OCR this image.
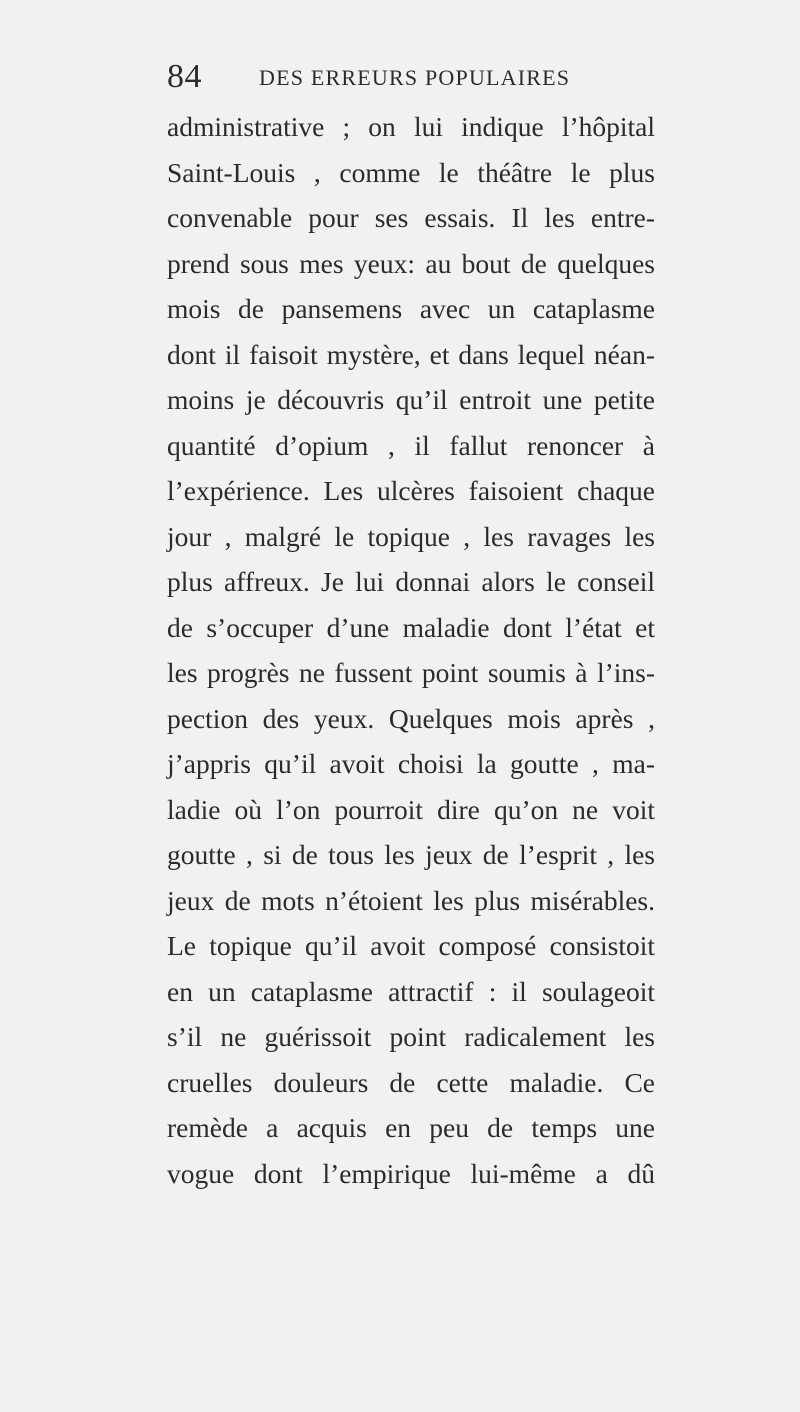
84	DES ERREURS POPULAIRES
administrative ; on lui indique l’hôpital
Saint-Louis , comme le théâtre le plus
convenable pour ses essais. Il les entre-
prend sous mes yeux: au bout de quelques
mois de pansemens avec un cataplasme
dont il faisoit mystère, et dans lequel néan-
moins je découvris qu’il entroit une petite
quantité d’opium , il fallut renoncer à
l’expérience. Les ulcères faisoient chaque
jour , malgré le topique , les ravages les
plus affreux. Je lui donnai alors le conseil
de s’occuper d’une maladie dont l’état et
les progrès ne fussent point soumis à l’ins-
pection des yeux. Quelques mois après ,
j’appris qu’il avoit choisi la goutte , ma-
ladie où l’on pourroit dire qu’on ne voit
goutte , si de tous les jeux de l’esprit , les
jeux de mots n’étoient les plus misérables.
Le topique qu’il avoit composé consistoit
en un cataplasme attractif : il soulageoit
s’il ne guérissoit point radicalement les
cruelles douleurs de cette maladie. Ce
remède a acquis en peu de temps une
vogue dont l’empirique lui-même a dû
